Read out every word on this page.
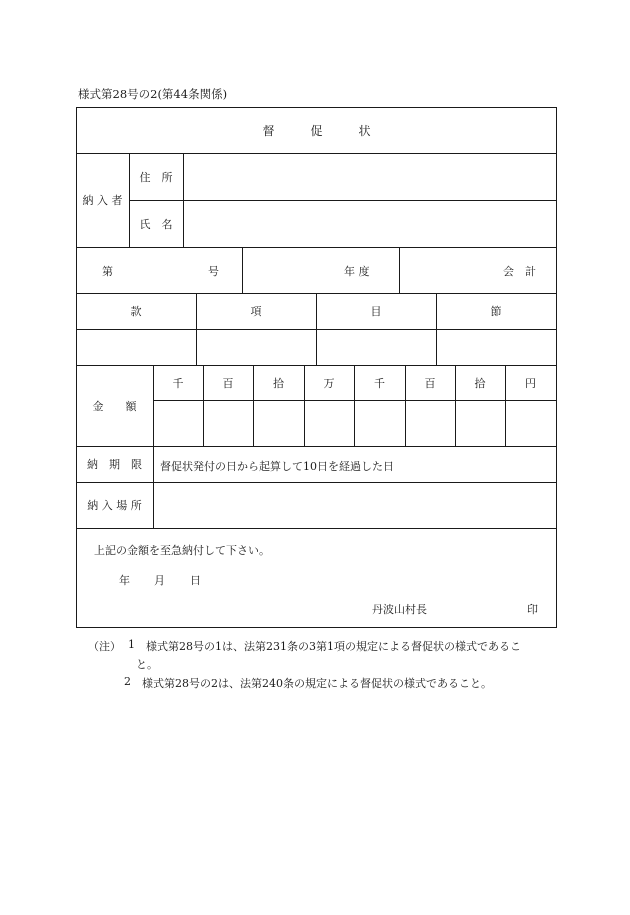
様式第28号の2(第44条関係)
督　　　促　　　状
納 入 者
住　所
氏　名
第	号	年 度	会　計
款	項	目	節
金　　額
千	百	拾	万	千	百	拾	円
納　期　限	督促状発付の日から起算して10日を経過した日
納 入 場 所
上記の金額を至急納付して下さい。
年 月 日
丹波山村長	印
（注） 1 様式第28号の1は、法第231条の3第1項の規定による督促状の様式であるこ
と。
2 様式第28号の2は、法第240条の規定による督促状の様式であること。
